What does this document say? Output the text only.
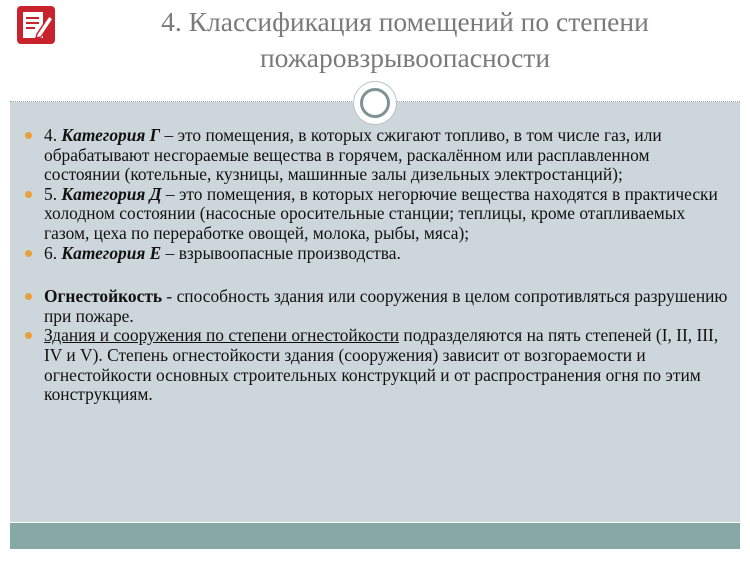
4. Классификация помещений по степени
пожаровзрывоопасности
4. Категория Г – это помещения, в которых сжигают топливо, в том числе газ, или обрабатывают несгораемые вещества в горячем, раскалённом или расплавленном состоянии (котельные, кузницы, машинные залы дизельных электростанций);
5. Категория Д – это помещения, в которых негорючие вещества находятся в практически холодном состоянии (насосные оросительные станции; теплицы, кроме отапливаемых газом, цеха по переработке овощей, молока, рыбы, мяса);
6. Категория Е – взрывоопасные производства.
Огнестойкость - способность здания или сооружения в целом сопротивляться разрушению при пожаре.
Здания и сооружения по степени огнестойкости подразделяются на пять степеней (I, II, III, IV и V). Степень огнестойкости здания (сооружения) зависит от возгораемости и огнестойкости основных строительных конструкций и от распространения огня по этим конструкциям.
